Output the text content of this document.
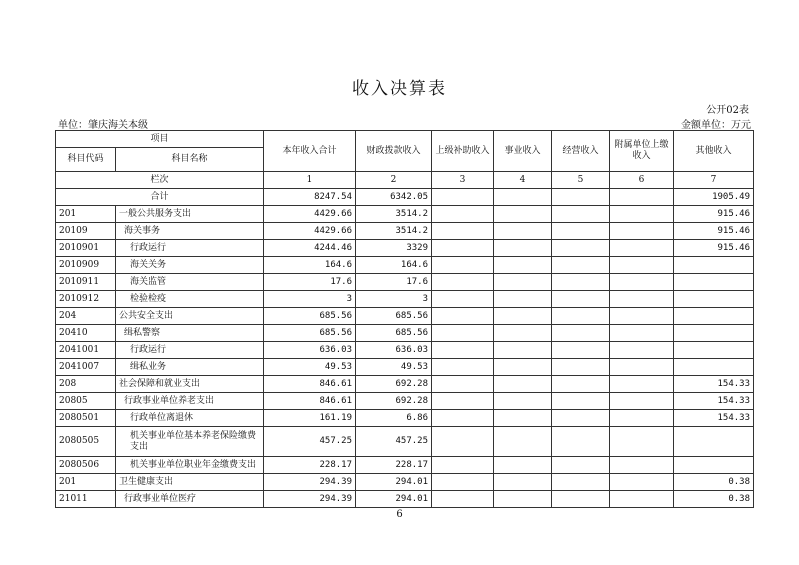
收入决算表
公开02表
单位：肇庆海关本级	金额单位：万元
项目		本年收入合计	财政拨款收入	上级补助收入	事业收入	经营收入	附属单位上缴收入	其他收入
科目代码	科目名称							
栏次		1	2	3	4	5	6	7
合计		8247.54	6342.05					1905.49
201	一般公共服务支出	4429.66	3514.2					915.46
20109	海关事务	4429.66	3514.2					915.46
2010901	行政运行	4244.46	3329					915.46
2010909	海关关务	164.6	164.6					
2010911	海关监管	17.6	17.6					
2010912	检验检疫	3	3					
204	公共安全支出	685.56	685.56					
20410	缉私警察	685.56	685.56					
2041001	行政运行	636.03	636.03					
2041007	缉私业务	49.53	49.53					
208	社会保障和就业支出	846.61	692.28					154.33
20805	行政事业单位养老支出	846.61	692.28					154.33
2080501	行政单位离退休	161.19	6.86					154.33
2080505	机关事业单位基本养老保险缴费支出	457.25	457.25					
2080506	机关事业单位职业年金缴费支出	228.17	228.17					
201	卫生健康支出	294.39	294.01					0.38
21011	行政事业单位医疗	294.39	294.01					0.38
6
